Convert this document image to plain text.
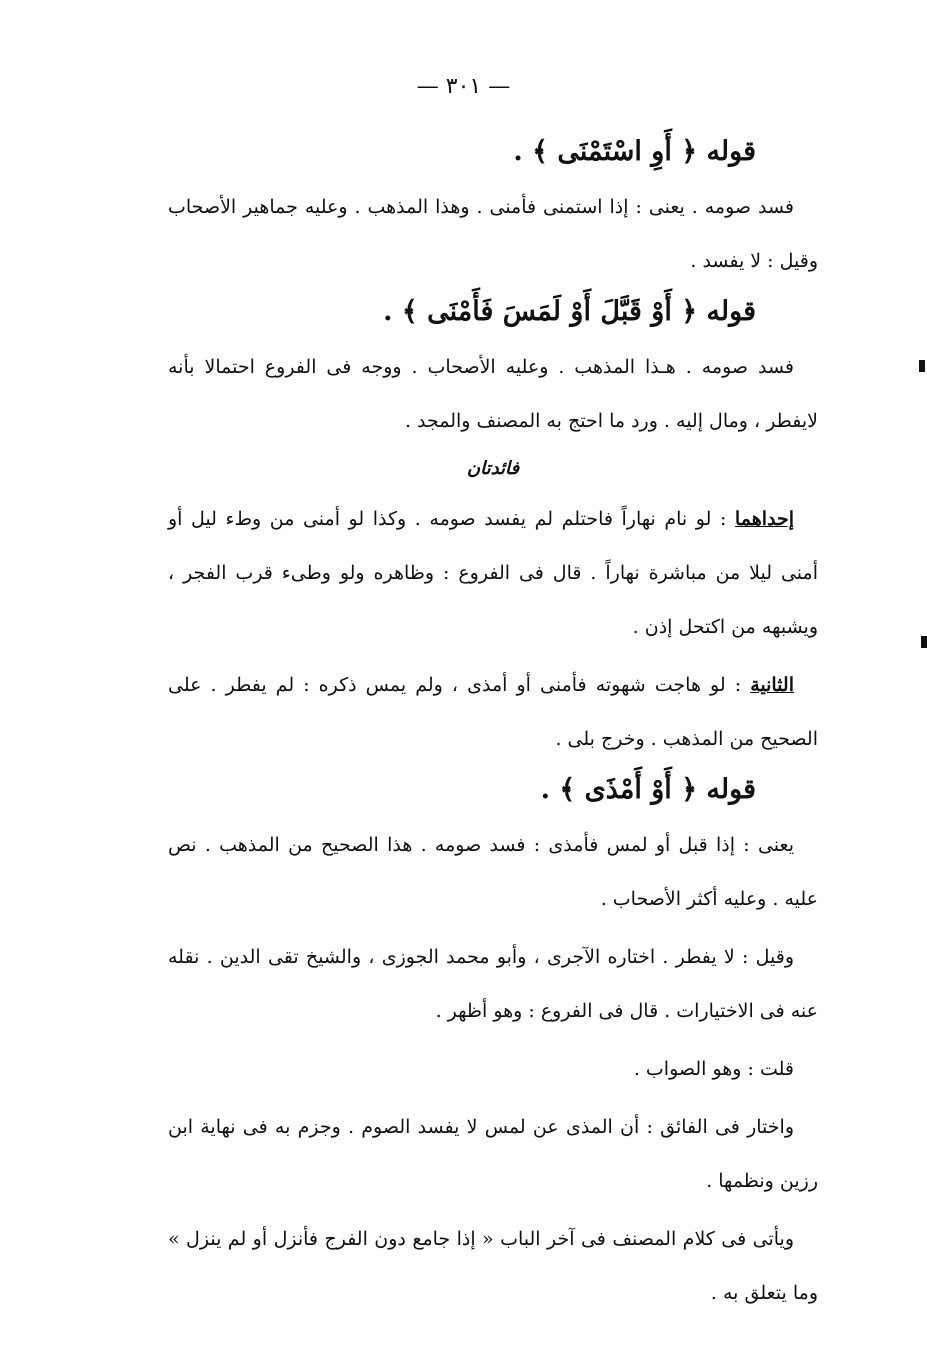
— ٣٠١ —
قوله ﴿ أَوِ اسْتَمْنَى ﴾ .

فسد صومه . يعنى : إذا استمنى فأمنى . وهذا المذهب . وعليه جماهير الأصحاب وقيل : لا يفسد .

قوله ﴿ أَوْ قَبَّلَ أَوْ لَمَسَ فَأَمْنَى ﴾ .

فسد صومه . هـذا المذهب . وعليه الأصحاب . ووجه فى الفروع احتمالا بأنه لايفطر ، ومال إليه . ورد ما احتج به المصنف والمجد .

فائدتان

إحداهما : لو نام نهاراً فاحتلم لم يفسد صومه . وكذا لو أمنى من وطء ليل أو أمنى ليلا من مباشرة نهاراً . قال فى الفروع : وظاهره ولو وطىء قرب الفجر ، ويشبهه من اكتحل إذن .

الثانية : لو هاجت شهوته فأمنى أو أمذى ، ولم يمس ذكره : لم يفطر . على الصحيح من المذهب . وخرج بلى .

قوله ﴿ أَوْ أَمْذَى ﴾ .

يعنى : إذا قبل أو لمس فأمذى : فسد صومه . هذا الصحيح من المذهب . نص عليه . وعليه أكثر الأصحاب .

وقيل : لا يفطر . اختاره الآجرى ، وأبو محمد الجوزى ، والشيخ تقى الدين . نقله عنه فى الاختيارات . قال فى الفروع : وهو أظهر .

قلت : وهو الصواب .

واختار فى الفائق : أن المذى عن لمس لا يفسد الصوم . وجزم به فى نهاية ابن رزين ونظمها .

ويأتى فى كلام المصنف فى آخر الباب « إذا جامع دون الفرج فأنزل أو لم ينزل » وما يتعلق به .
